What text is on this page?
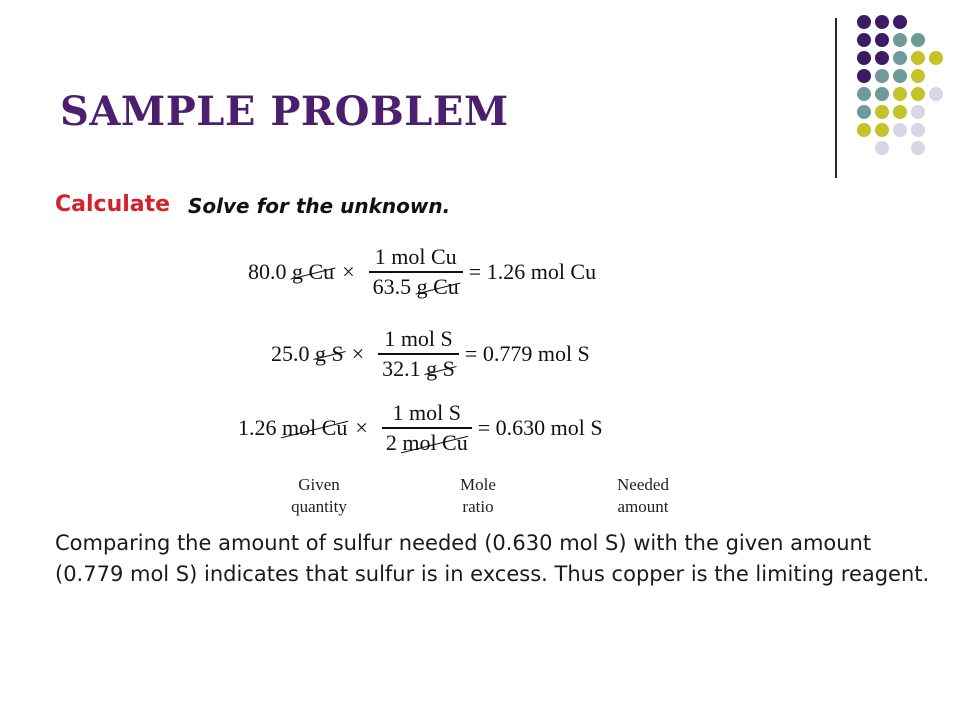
SAMPLE PROBLEM
Calculate Solve for the unknown.
80.0
g $Cu \times \frac{\text{1 mol Cu}}{\text{63.5 g Cu}} = 1.26$ mol Cu
25.0
g $S \times \frac{\text{1 mol S}}{\text{32.1 g S}} = 0.779$ mol S
1.26
mol $Cu \times \frac{\text{1 mol S}}{\text{2 mol Cu}} = 0.630$ mol S
Given
quantity
Mole
ratio
Needed
amount
Comparing the amount of sulfur needed (0.630 mol S) with the given amount (0.779 mol S) indicates that sulfur is in excess. Thus copper is the limiting reagent.
